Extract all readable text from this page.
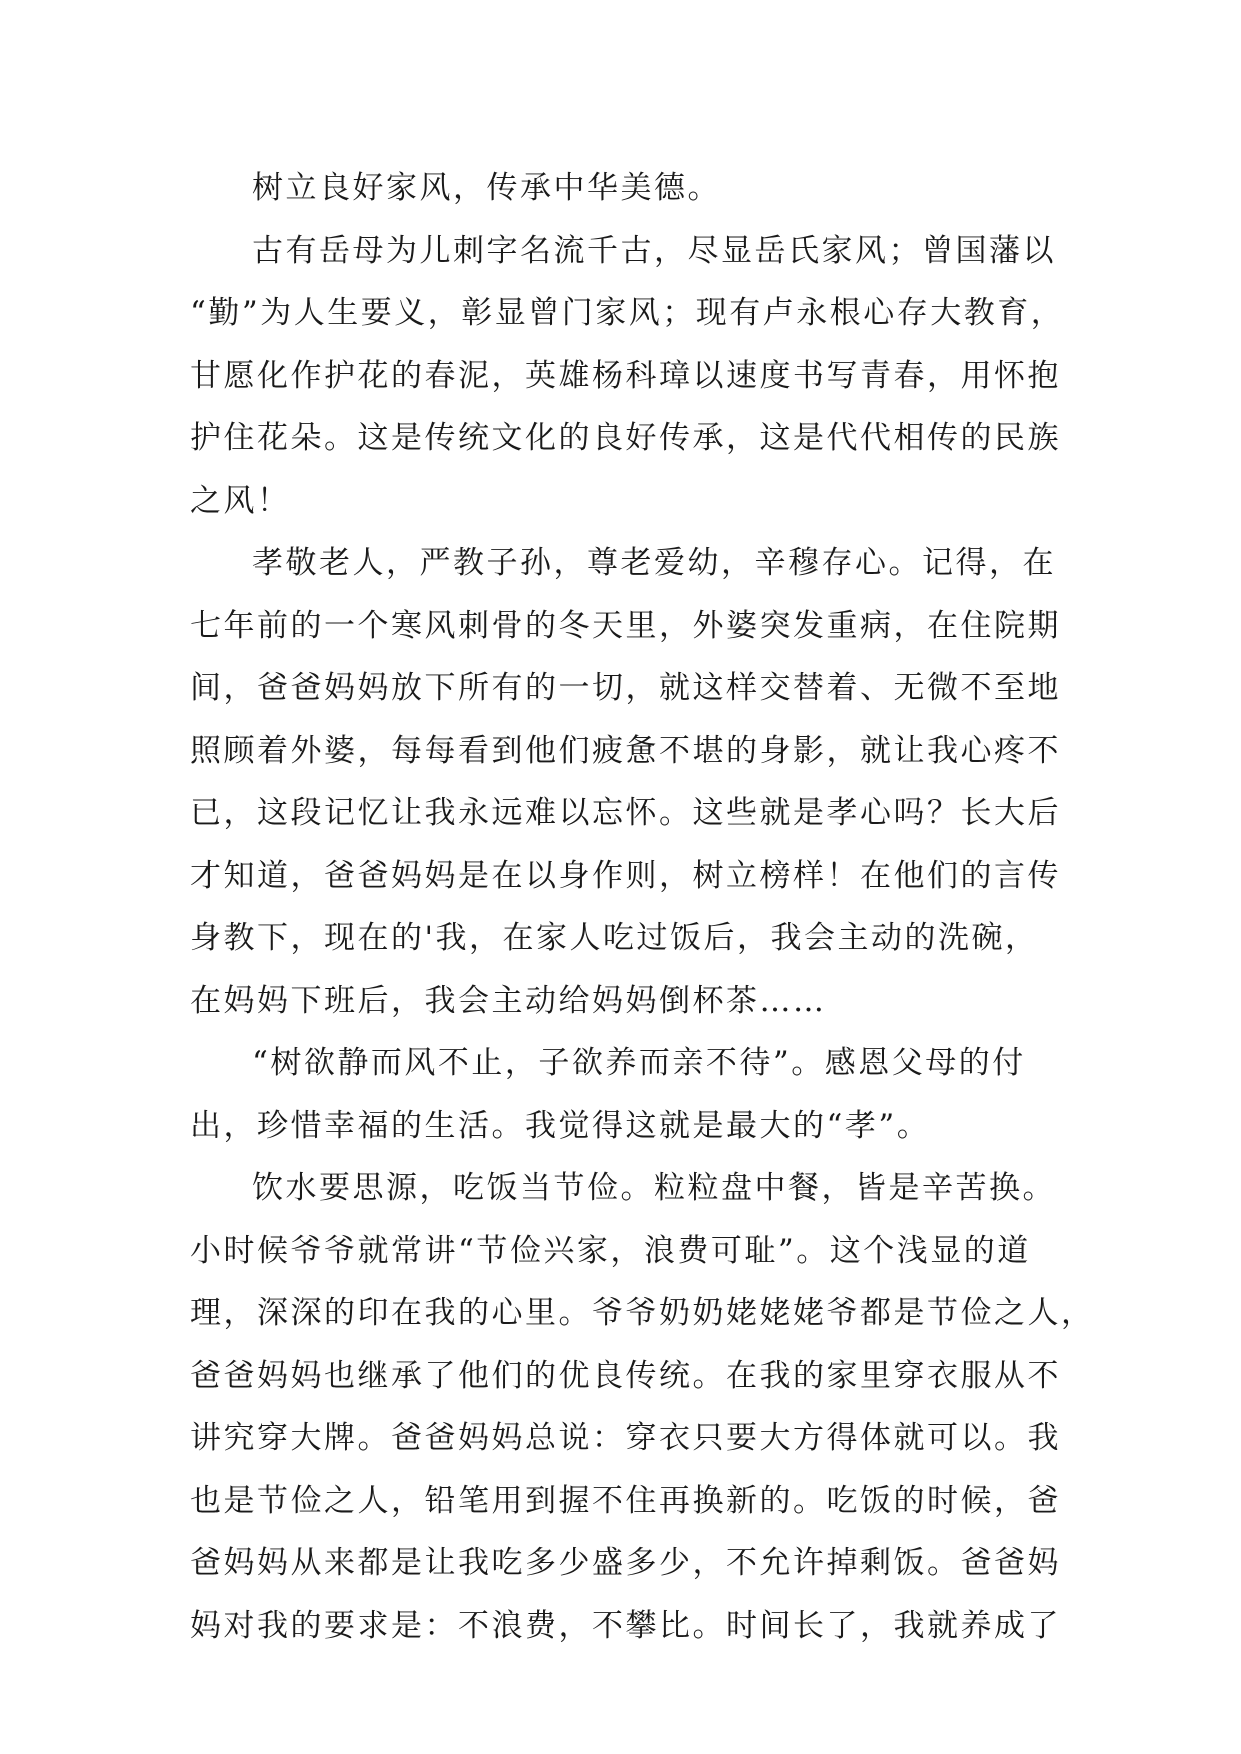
树立良好家风，传承中华美德。
古有岳母为儿刺字名流千古，尽显岳氏家风；曾国藩以
“勤”为人生要义，彰显曾门家风；现有卢永根心存大教育，
甘愿化作护花的春泥，英雄杨科璋以速度书写青春，用怀抱
护住花朵。这是传统文化的良好传承，这是代代相传的民族
之风！
孝敬老人，严教子孙，尊老爱幼，辛穆存心。记得，在
七年前的一个寒风刺骨的冬天里，外婆突发重病，在住院期
间，爸爸妈妈放下所有的一切，就这样交替着、无微不至地
照顾着外婆，每每看到他们疲惫不堪的身影，就让我心疼不
已，这段记忆让我永远难以忘怀。这些就是孝心吗？长大后
才知道，爸爸妈妈是在以身作则，树立榜样！在他们的言传
身教下，现在的'我，在家人吃过饭后，我会主动的洗碗，
在妈妈下班后，我会主动给妈妈倒杯茶……
“树欲静而风不止，子欲养而亲不待”。感恩父母的付
出，珍惜幸福的生活。我觉得这就是最大的“孝”。
饮水要思源，吃饭当节俭。粒粒盘中餐，皆是辛苦换。
小时候爷爷就常讲“节俭兴家，浪费可耻”。这个浅显的道
理，深深的印在我的心里。爷爷奶奶姥姥姥爷都是节俭之人，
爸爸妈妈也继承了他们的优良传统。在我的家里穿衣服从不
讲究穿大牌。爸爸妈妈总说：穿衣只要大方得体就可以。我
也是节俭之人，铅笔用到握不住再换新的。吃饭的时候，爸
爸妈妈从来都是让我吃多少盛多少，不允许掉剩饭。爸爸妈
妈对我的要求是：不浪费，不攀比。时间长了，我就养成了
